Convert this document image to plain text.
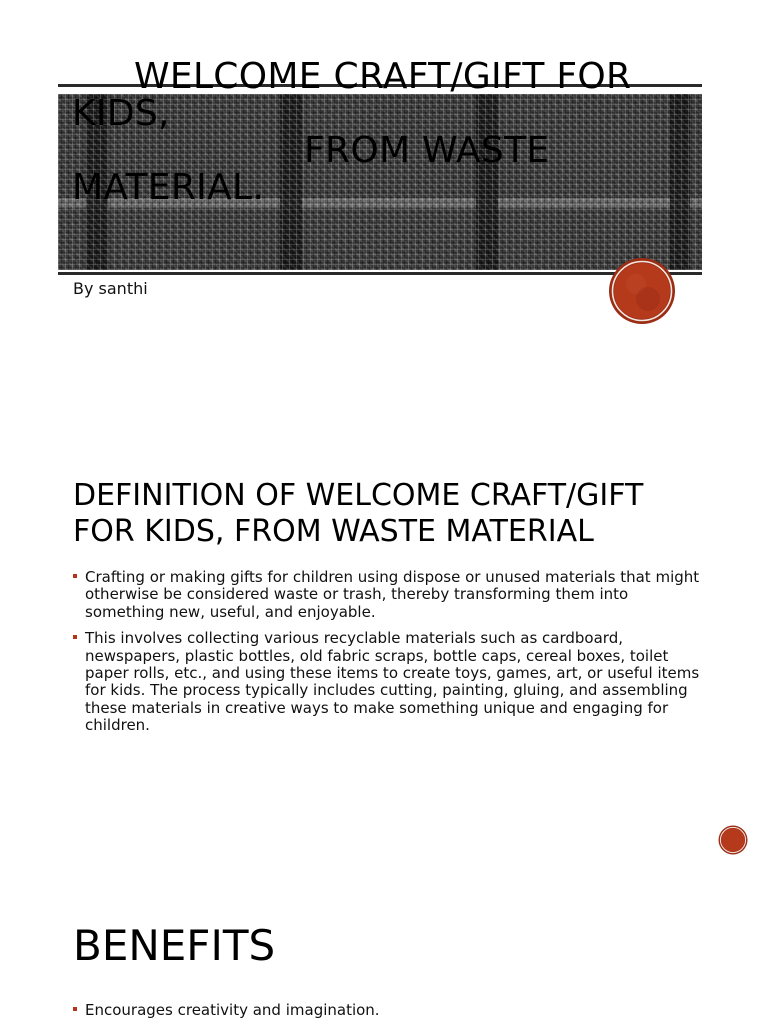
WELCOME CRAFT/GIFT FOR
KIDS,
FROM WASTE
MATERIAL.

By santhi

DEFINITION OF WELCOME CRAFT/GIFT FOR KIDS, FROM WASTE MATERIAL
Crafting or making gifts for children using dispose or unused materials that might otherwise be considered waste or trash, thereby transforming them into something new, useful, and enjoyable.
This involves collecting various recyclable materials such as cardboard, newspapers, plastic bottles, old fabric scraps, bottle caps, cereal boxes, toilet paper rolls, etc., and using these items to create toys, games, art, or useful items for kids. The process typically includes cutting, painting, gluing, and assembling these materials in creative ways to make something unique and engaging for children.
BENEFITS
Encourages creativity and imagination.
